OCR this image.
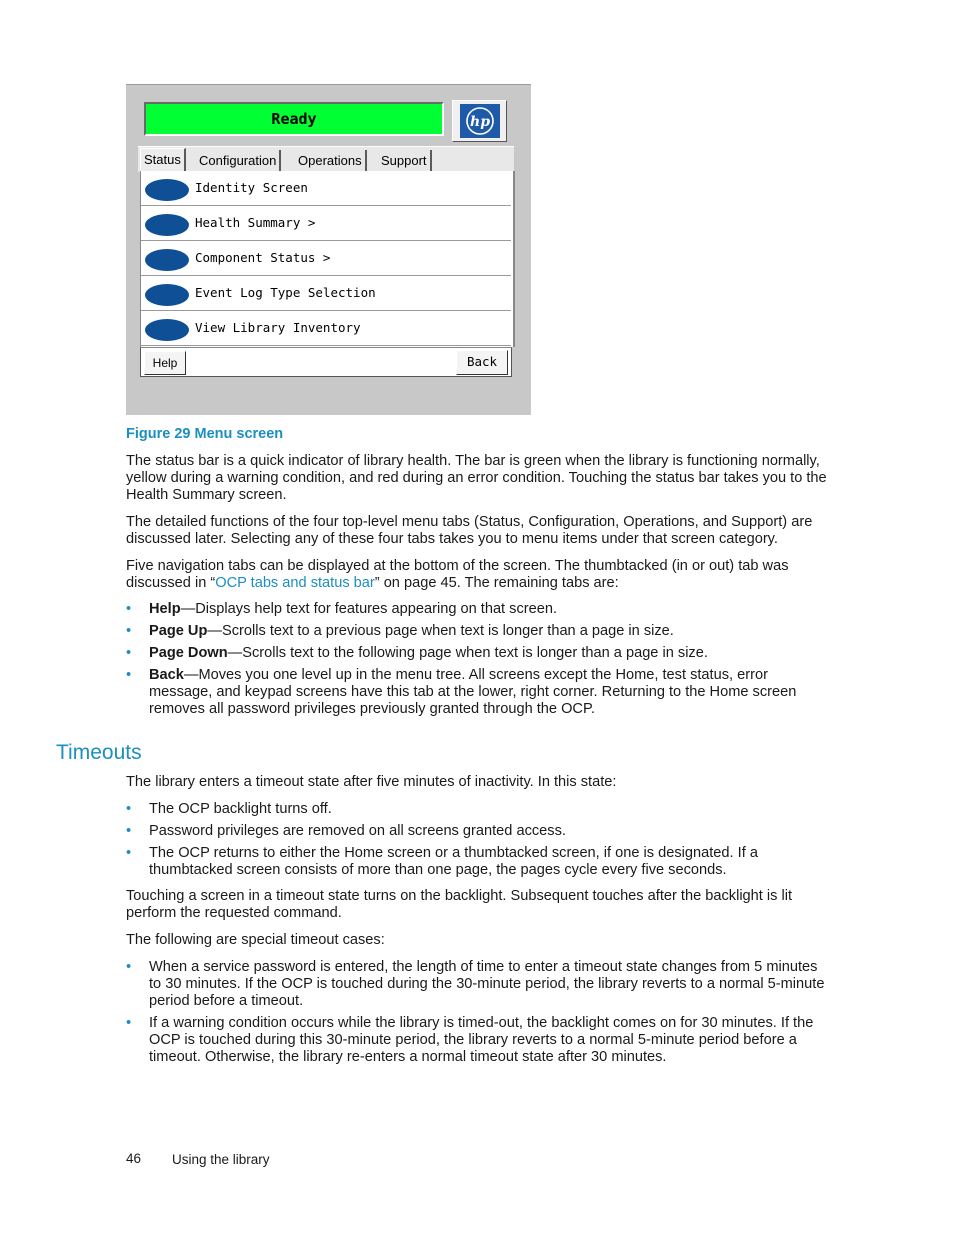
Ready	hp
Status	Configuration	Operations	Support
Identity Screen
Health Summary >
Component Status >
Event Log Type Selection
View Library Inventory
Help	Back
Figure 29 Menu screen

The status bar is a quick indicator of library health. The bar is green when the library is functioning normally, yellow during a warning condition, and red during an error condition. Touching the status bar takes you to the Health Summary screen.

The detailed functions of the four top-level menu tabs (Status, Configuration, Operations, and Support) are discussed later. Selecting any of these four tabs takes you to menu items under that screen category.

Five navigation tabs can be displayed at the bottom of the screen. The thumbtacked (in or out) tab was discussed in “OCP tabs and status bar” on page 45. The remaining tabs are:

• Help—Displays help text for features appearing on that screen.
• Page Up—Scrolls text to a previous page when text is longer than a page in size.
• Page Down—Scrolls text to the following page when text is longer than a page in size.
• Back—Moves you one level up in the menu tree. All screens except the Home, test status, error message, and keypad screens have this tab at the lower, right corner. Returning to the Home screen removes all password privileges previously granted through the OCP.
Timeouts

The library enters a timeout state after five minutes of inactivity. In this state:

• The OCP backlight turns off.
• Password privileges are removed on all screens granted access.
• The OCP returns to either the Home screen or a thumbtacked screen, if one is designated. If a thumbtacked screen consists of more than one page, the pages cycle every five seconds.

Touching a screen in a timeout state turns on the backlight. Subsequent touches after the backlight is lit perform the requested command.

The following are special timeout cases:

• When a service password is entered, the length of time to enter a timeout state changes from 5 minutes to 30 minutes. If the OCP is touched during the 30-minute period, the library reverts to a normal 5-minute period before a timeout.
• If a warning condition occurs while the library is timed-out, the backlight comes on for 30 minutes. If the OCP is touched during this 30-minute period, the library reverts to a normal 5-minute period before a timeout. Otherwise, the library re-enters a normal timeout state after 30 minutes.
46 Using the library
